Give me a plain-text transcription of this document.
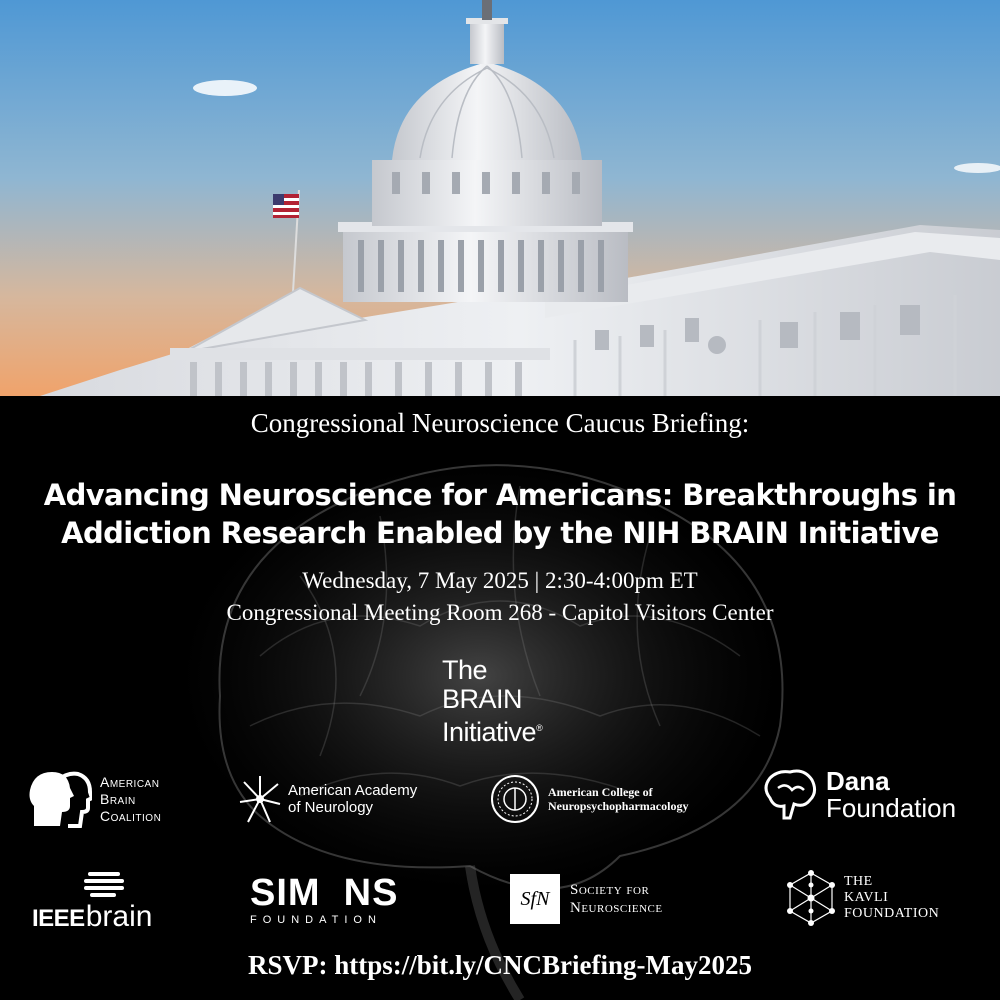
Congressional Neuroscience Caucus Briefing:
Advancing Neuroscience for Americans: Breakthroughs in
Addiction Research Enabled by the NIH BRAIN Initiative
Wednesday, 7 May 2025 | 2:30-4:00pm ET
Congressional Meeting Room 268 - Capitol Visitors Center
The
BRAIN
Initiative®
American
Brain
Coalition
American Academy
of Neurology
American College of
Neuropsychopharmacology
Dana
Foundation
IEEE brain
SIM  NS
FOUNDATION
SfN Society for
Neuroscience
THE
KAVLI
FOUNDATION
RSVP: https://bit.ly/CNCBriefing-May2025
